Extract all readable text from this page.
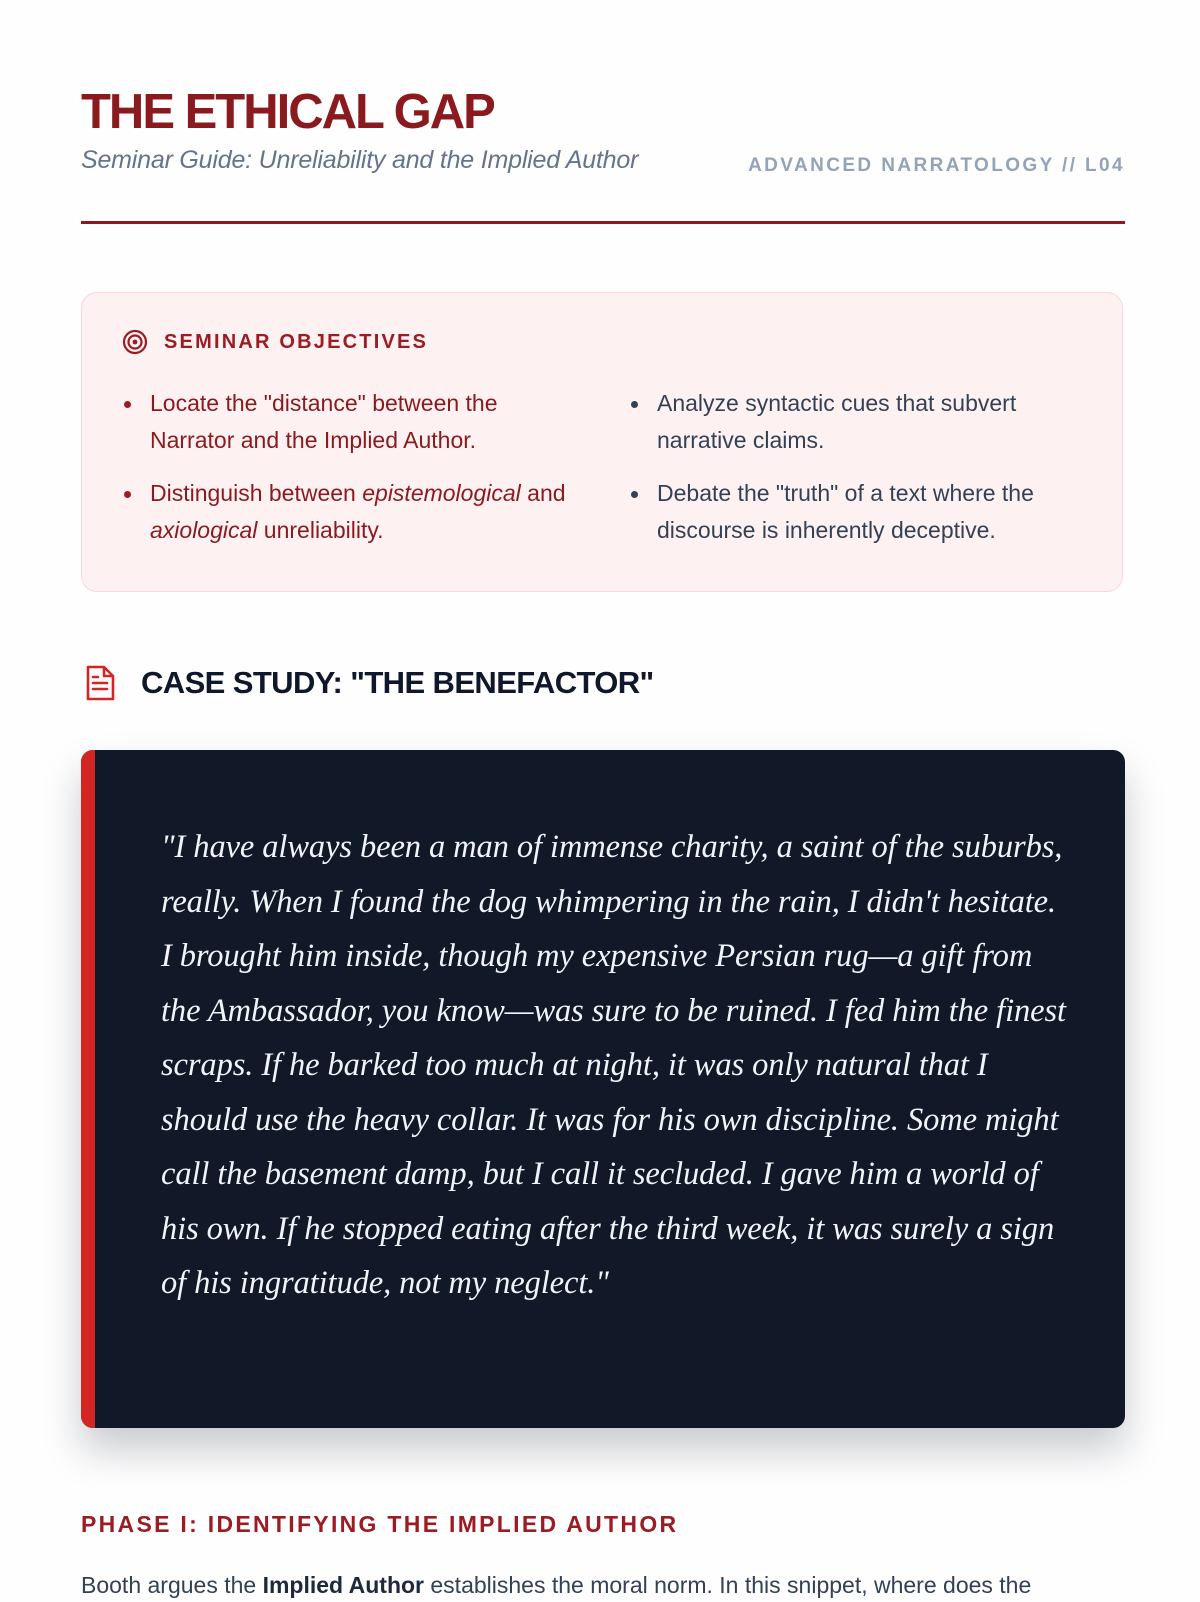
THE ETHICAL GAP
Seminar Guide: Unreliability and the Implied Author	ADVANCED NARRATOLOGY // L04
SEMINAR OBJECTIVES
Locate the "distance" between the Narrator and the Implied Author.
Distinguish between epistemological and axiological unreliability.
Analyze syntactic cues that subvert narrative claims.
Debate the "truth" of a text where the discourse is inherently deceptive.
CASE STUDY: "THE BENEFACTOR"

"I have always been a man of immense charity, a saint of the suburbs, really. When I found the dog whimpering in the rain, I didn't hesitate. I brought him inside, though my expensive Persian rug—a gift from the Ambassador, you know—was sure to be ruined. I fed him the finest scraps. If he barked too much at night, it was only natural that I should use the heavy collar. It was for his own discipline. Some might call the basement damp, but I call it secluded. I gave him a world of his own. If he stopped eating after the third week, it was surely a sign of his ingratitude, not my neglect."

PHASE I: IDENTIFYING THE IMPLIED AUTHOR

Booth argues the Implied Author establishes the moral norm. In this snippet, where does the
